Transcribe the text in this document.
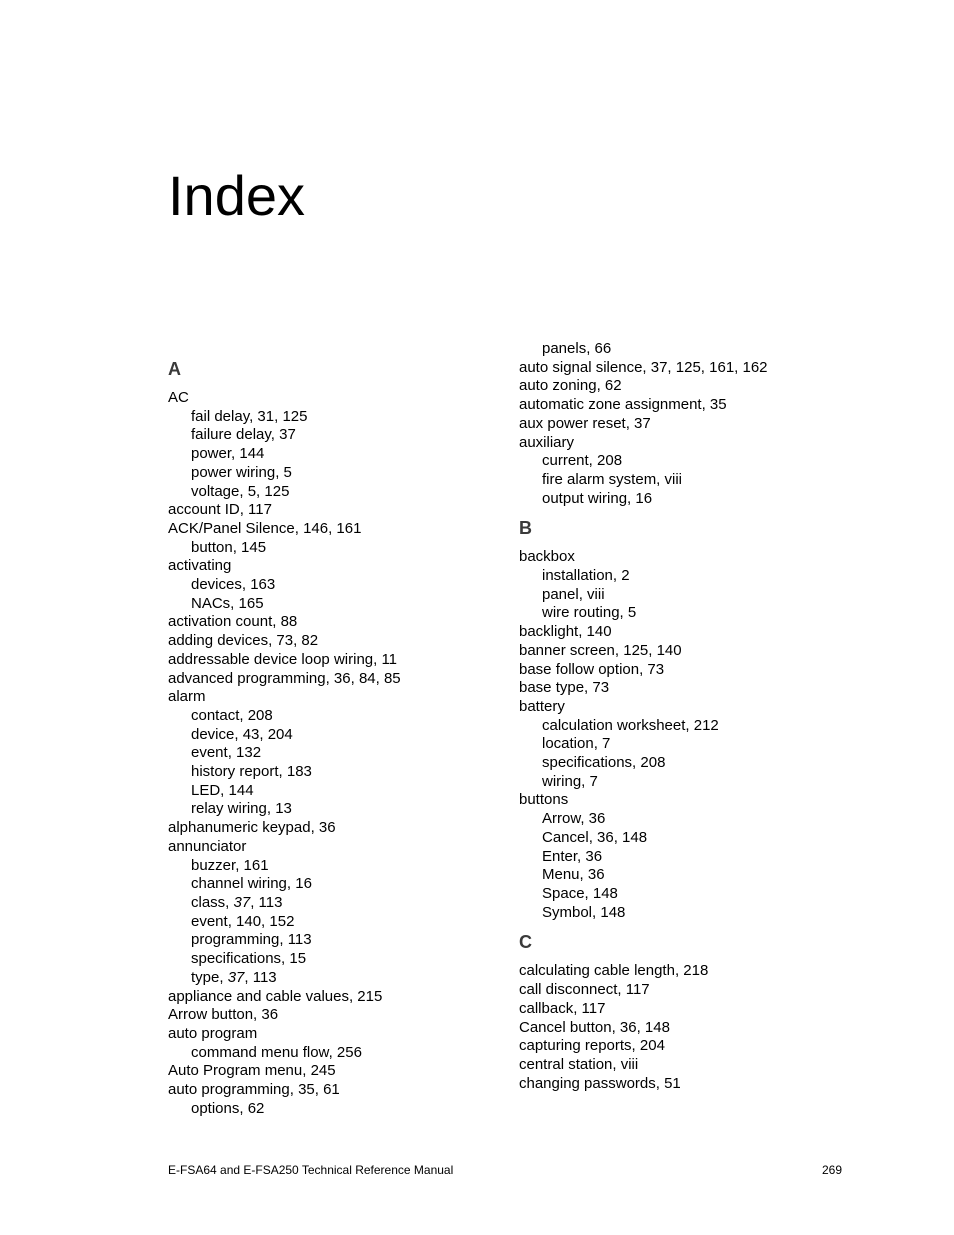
Index
A
AC
fail delay, 31, 125
failure delay, 37
power, 144
power wiring, 5
voltage, 5, 125
account ID, 117
ACK/Panel Silence, 146, 161
button, 145
activating
devices, 163
NACs, 165
activation count, 88
adding devices, 73, 82
addressable device loop wiring, 11
advanced programming, 36, 84, 85
alarm
contact, 208
device, 43, 204
event, 132
history report, 183
LED, 144
relay wiring, 13
alphanumeric keypad, 36
annunciator
buzzer, 161
channel wiring, 16
class, 37, 113
event, 140, 152
programming, 113
specifications, 15
type, 37, 113
appliance and cable values, 215
Arrow button, 36
auto program
command menu flow, 256
Auto Program menu, 245
auto programming, 35, 61
options, 62
panels, 66
auto signal silence, 37, 125, 161, 162
auto zoning, 62
automatic zone assignment, 35
aux power reset, 37
auxiliary
current, 208
fire alarm system, viii
output wiring, 16
B
backbox
installation, 2
panel, viii
wire routing, 5
backlight, 140
banner screen, 125, 140
base follow option, 73
base type, 73
battery
calculation worksheet, 212
location, 7
specifications, 208
wiring, 7
buttons
Arrow, 36
Cancel, 36, 148
Enter, 36
Menu, 36
Space, 148
Symbol, 148
C
calculating cable length, 218
call disconnect, 117
callback, 117
Cancel button, 36, 148
capturing reports, 204
central station, viii
changing passwords, 51
E-FSA64 and E-FSA250 Technical Reference Manual	269
